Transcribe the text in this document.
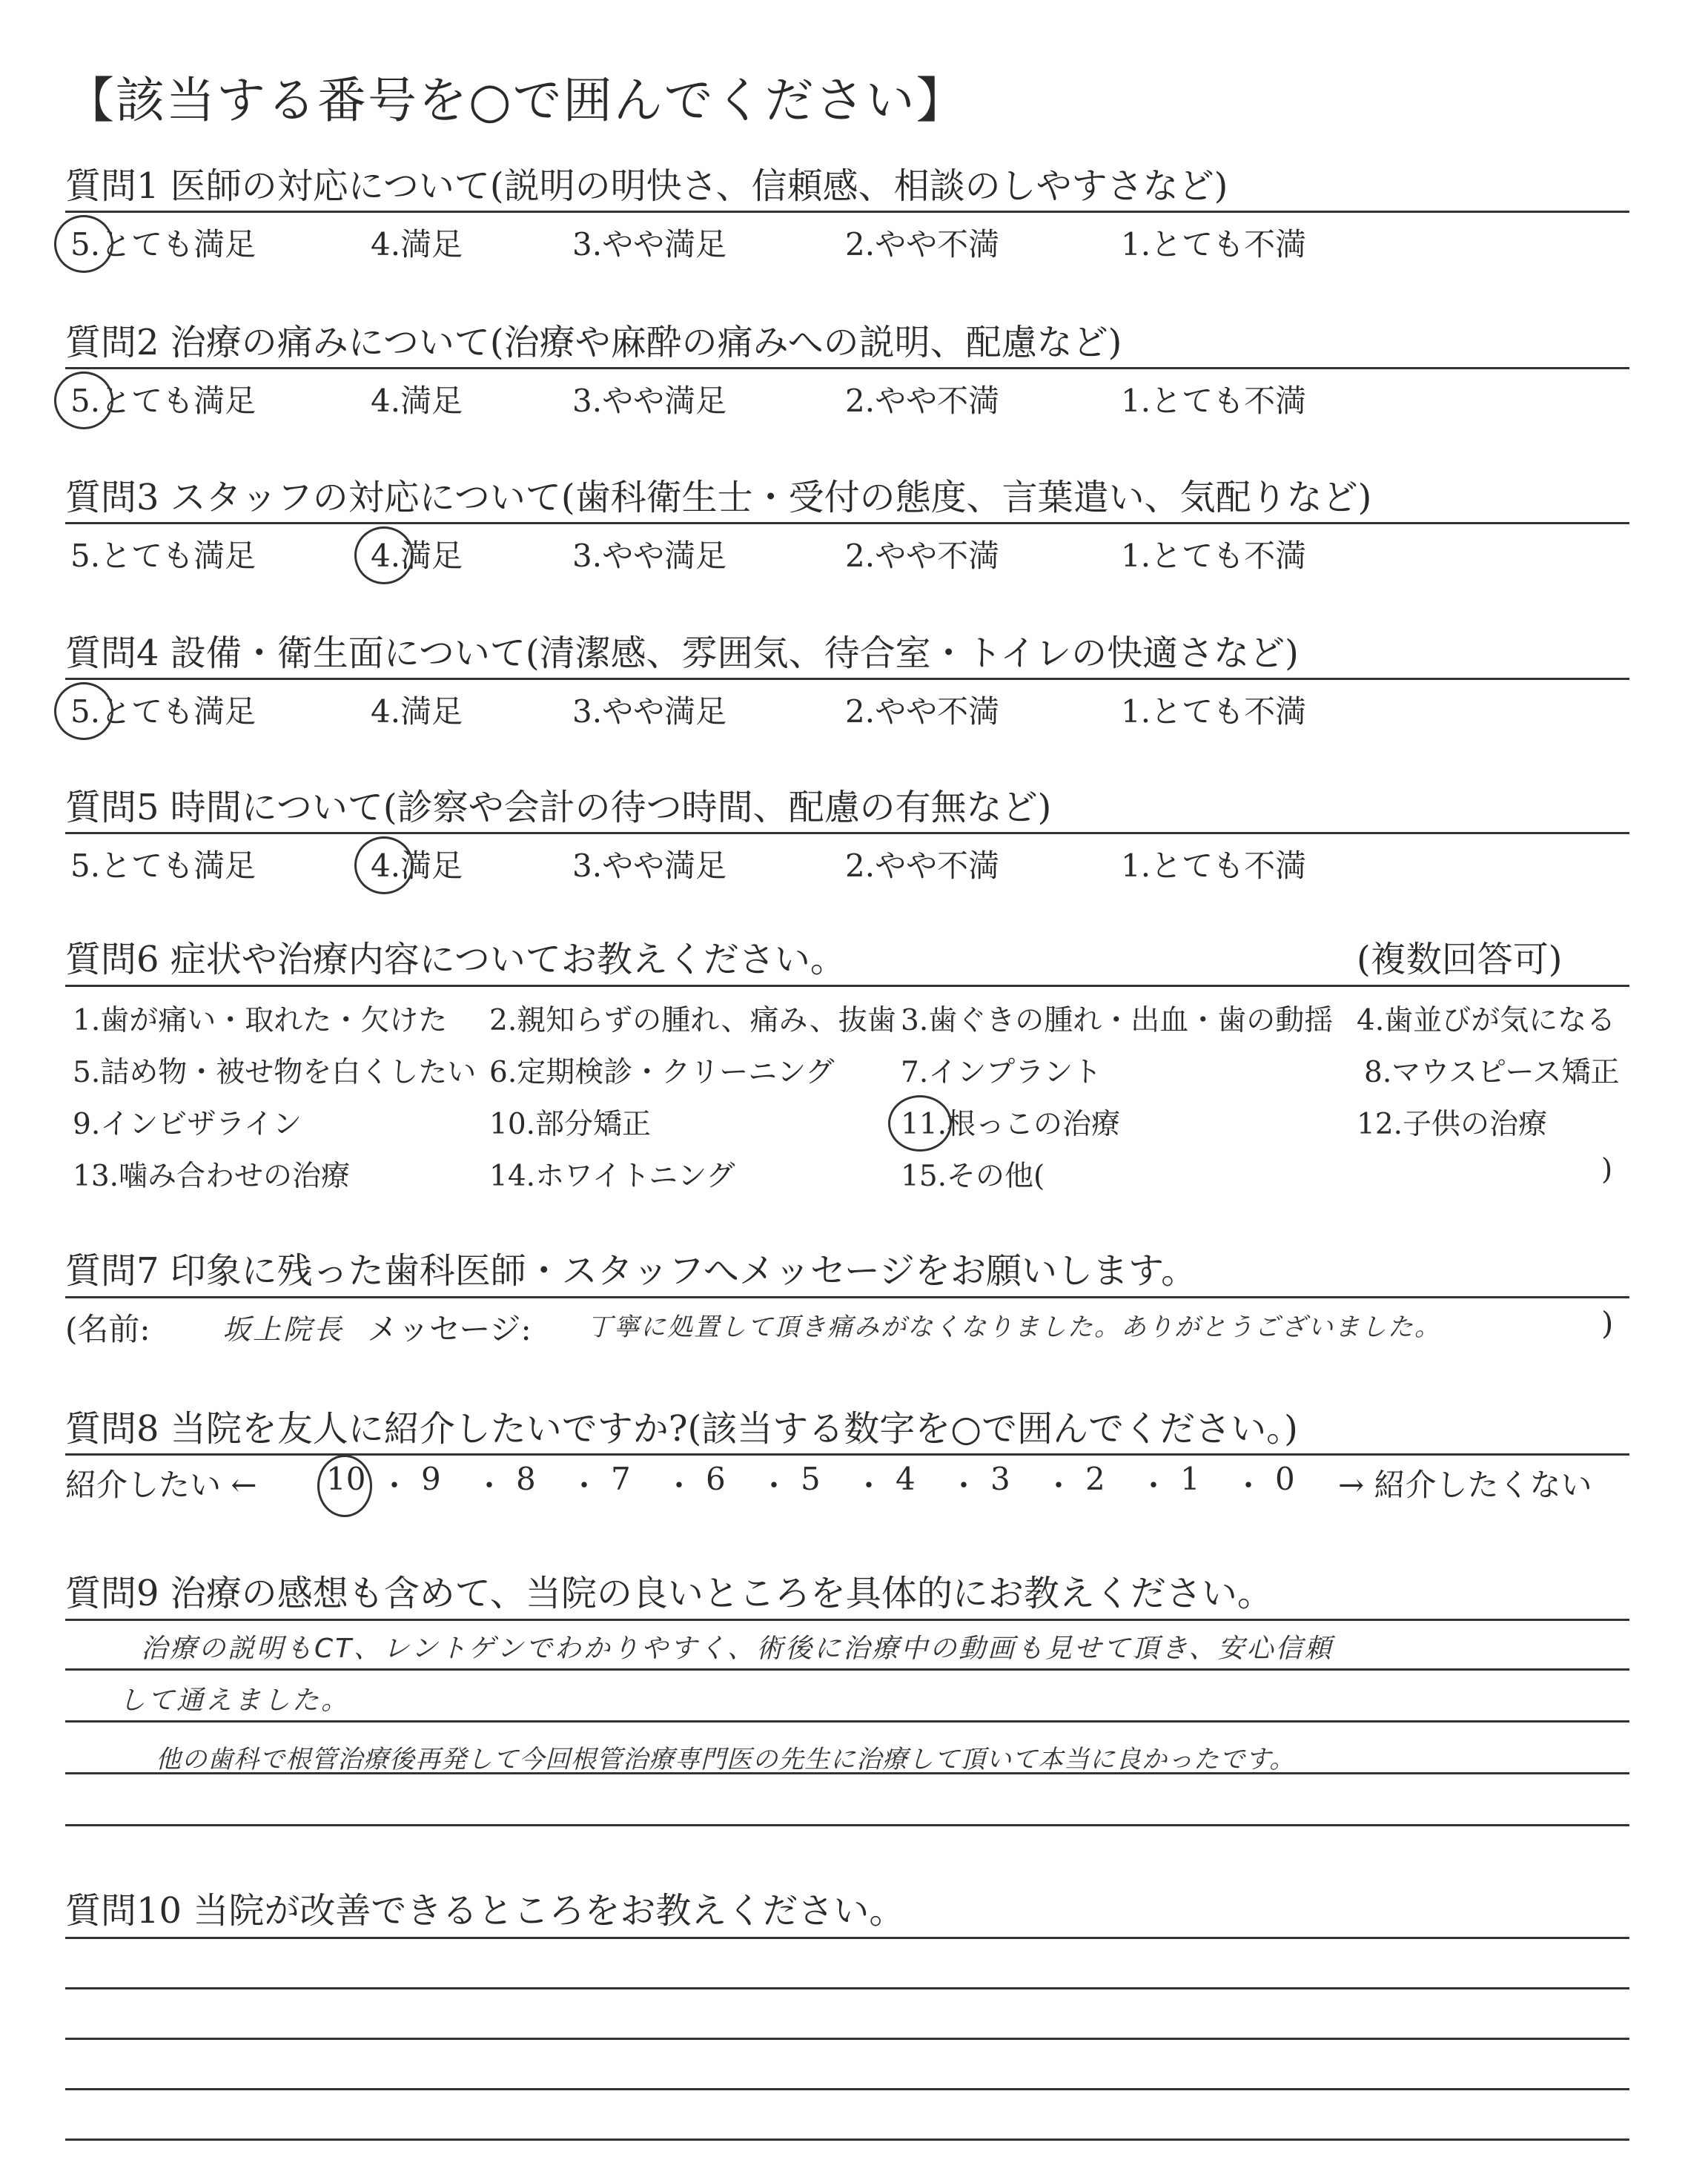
【該当する番号を○で囲んでください】
質問1 医師の対応について(説明の明快さ、信頼感、相談のしやすさなど)
5.とても満足	4.満足	3.やや満足	2.やや不満	1.とても不満
質問2 治療の痛みについて(治療や麻酔の痛みへの説明、配慮など)
5.とても満足	4.満足	3.やや満足	2.やや不満	1.とても不満
質問3 スタッフの対応について(歯科衛生士・受付の態度、言葉遣い、気配りなど)
5.とても満足	4.満足	3.やや満足	2.やや不満	1.とても不満
質問4 設備・衛生面について(清潔感、雰囲気、待合室・トイレの快適さなど)
5.とても満足	4.満足	3.やや満足	2.やや不満	1.とても不満
質問5 時間について(診察や会計の待つ時間、配慮の有無など)
5.とても満足	4.満足	3.やや満足	2.やや不満	1.とても不満
質問6 症状や治療内容についてお教えください。	(複数回答可)
1.歯が痛い・取れた・欠けた 2.親知らずの腫れ、痛み、抜歯 3.歯ぐきの腫れ・出血・歯の動揺 4.歯並びが気になる
5.詰め物・被せ物を白くしたい 6.定期検診・クリーニング 7.インプラント	8.マウスピース矯正
9.インビザライン	10.部分矯正	11.根っこの治療	12.子供の治療
13.噛み合わせの治療	14.ホワイトニング	15.その他(	)
質問7 印象に残った歯科医師・スタッフへメッセージをお願いします。
(名前:	坂上院長 メッセージ: 丁寧に処置して頂き痛みがなくなりました。ありがとうございました。	)
質問8 当院を友人に紹介したいですか?(該当する数字を○で囲んでください。)
紹介したい ← 10 ・ 9 ・ 8 ・ 7 ・ 6 ・ 5 ・ 4 ・ 3 ・ 2 ・ 1 ・ 0 → 紹介したくない
質問9 治療の感想も含めて、当院の良いところを具体的にお教えください。
治療の説明もCT、レントゲンでわかりやすく、術後に治療中の動画も見せて頂き、安心信頼
して通えました。
他の歯科で根管治療後再発して今回根管治療専門医の先生に治療して頂いて本当に良かったです。
質問10 当院が改善できるところをお教えください。
